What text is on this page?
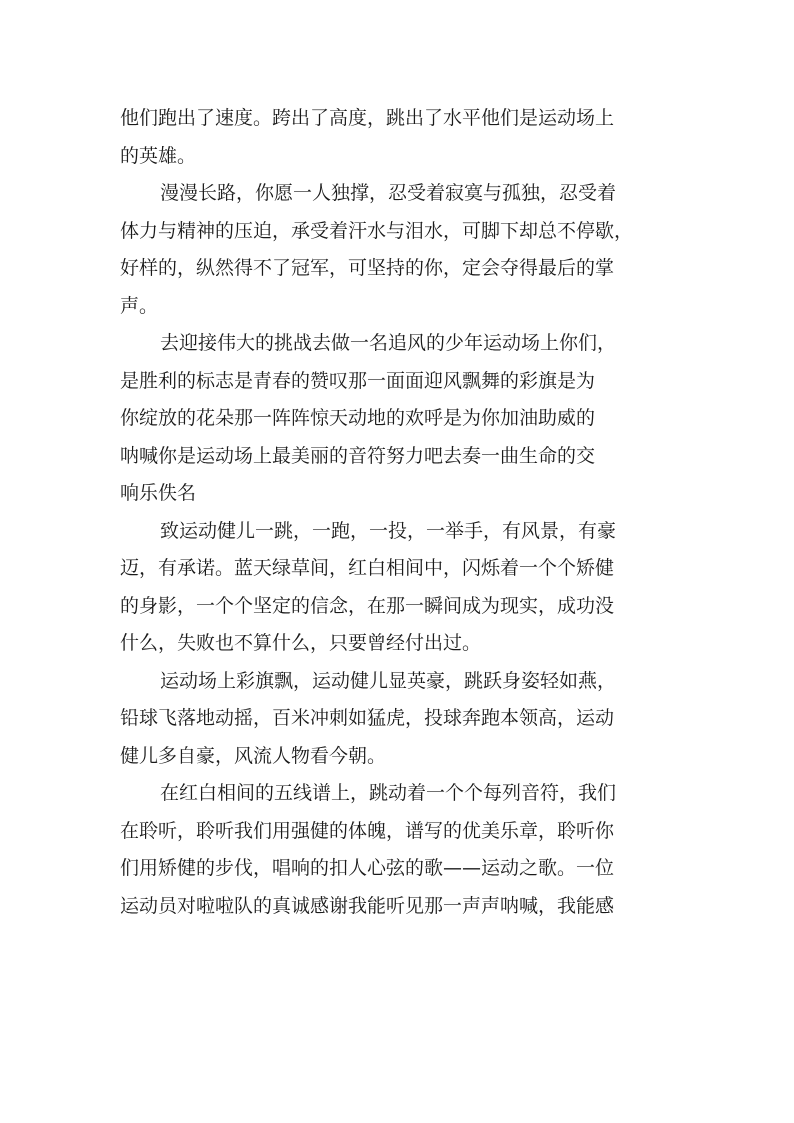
他们跑出了速度。跨出了高度，跳出了水平他们是运动场上
的英雄。
漫漫长路，你愿一人独撑，忍受着寂寞与孤独，忍受着
体力与精神的压迫，承受着汗水与泪水，可脚下却总不停歇，
好样的，纵然得不了冠军，可坚持的你，定会夺得最后的掌
声。
去迎接伟大的挑战去做一名追风的少年运动场上你们，
是胜利的标志是青春的赞叹那一面面迎风飘舞的彩旗是为
你绽放的花朵那一阵阵惊天动地的欢呼是为你加油助威的
呐喊你是运动场上最美丽的音符努力吧去奏一曲生命的交
响乐佚名
致运动健儿一跳，一跑，一投，一举手，有风景，有豪
迈，有承诺。蓝天绿草间，红白相间中，闪烁着一个个矫健
的身影，一个个坚定的信念，在那一瞬间成为现实，成功没
什么，失败也不算什么，只要曾经付出过。
运动场上彩旗飘，运动健儿显英豪，跳跃身姿轻如燕，
铅球飞落地动摇，百米冲刺如猛虎，投球奔跑本领高，运动
健儿多自豪，风流人物看今朝。
在红白相间的五线谱上，跳动着一个个每列音符，我们
在聆听，聆听我们用强健的体魄，谱写的优美乐章，聆听你
们用矫健的步伐，唱响的扣人心弦的歌——运动之歌。一位
运动员对啦啦队的真诚感谢我能听见那一声声呐喊，我能感
